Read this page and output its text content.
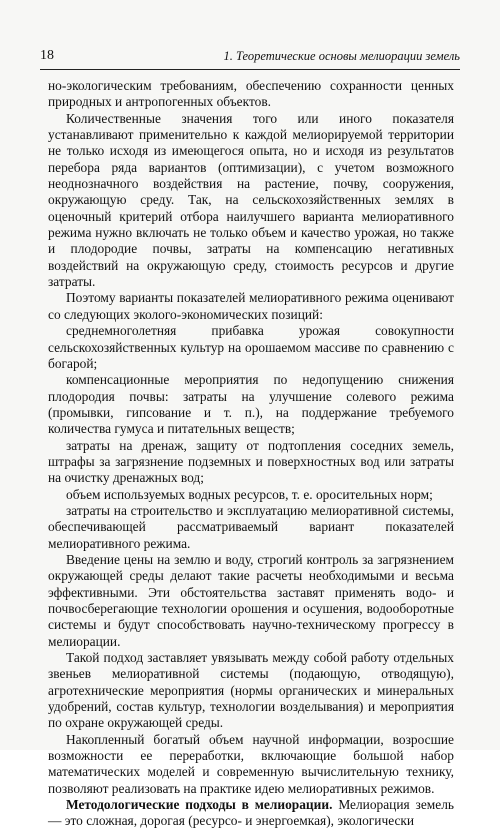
18	1. Теоретические основы мелиорации земель

но-экологическим требованиям, обеспечению сохранности ценных природных и антропогенных объектов.

Количественные значения того или иного показателя устанавливают применительно к каждой мелиорируемой территории не только исходя из имеющегося опыта, но и исходя из результатов перебора ряда вариантов (оптимизации), с учетом возможного неоднозначного воздействия на растение, почву, сооружения, окружающую среду. Так, на сельскохозяйственных землях в оценочный критерий отбора наилучшего варианта мелиоративного режима нужно включать не только объем и качество урожая, но также и плодородие почвы, затраты на компенсацию негативных воздействий на окружающую среду, стоимость ресурсов и другие затраты.

Поэтому варианты показателей мелиоративного режима оценивают со следующих эколого-экономических позиций:

среднемноголетняя прибавка урожая совокупности сельскохозяйственных культур на орошаемом массиве по сравнению с богарой;

компенсационные мероприятия по недопущению снижения плодородия почвы: затраты на улучшение солевого режима (промывки, гипсование и т. п.), на поддержание требуемого количества гумуса и питательных веществ;

затраты на дренаж, защиту от подтопления соседних земель, штрафы за загрязнение подземных и поверхностных вод или затраты на очистку дренажных вод;

объем используемых водных ресурсов, т. е. оросительных норм;

затраты на строительство и эксплуатацию мелиоративной системы, обеспечивающей рассматриваемый вариант показателей мелиоративного режима.

Введение цены на землю и воду, строгий контроль за загрязнением окружающей среды делают такие расчеты необходимыми и весьма эффективными. Эти обстоятельства заставят применять водо- и почвосберегающие технологии орошения и осушения, водооборотные системы и будут способствовать научно-техническому прогрессу в мелиорации.

Такой подход заставляет увязывать между собой работу отдельных звеньев мелиоративной системы (подающую, отводящую), агротехнические мероприятия (нормы органических и минеральных удобрений, состав культур, технологии возделывания) и мероприятия по охране окружающей среды.

Накопленный богатый объем научной информации, возросшие возможности ее переработки, включающие большой набор математических моделей и современную вычислительную технику, позволяют реализовать на практике идею мелиоративных режимов.

Методологические подходы в мелиорации. Мелиорация земель — это сложная, дорогая (ресурсо- и энергоемкая), экологически
